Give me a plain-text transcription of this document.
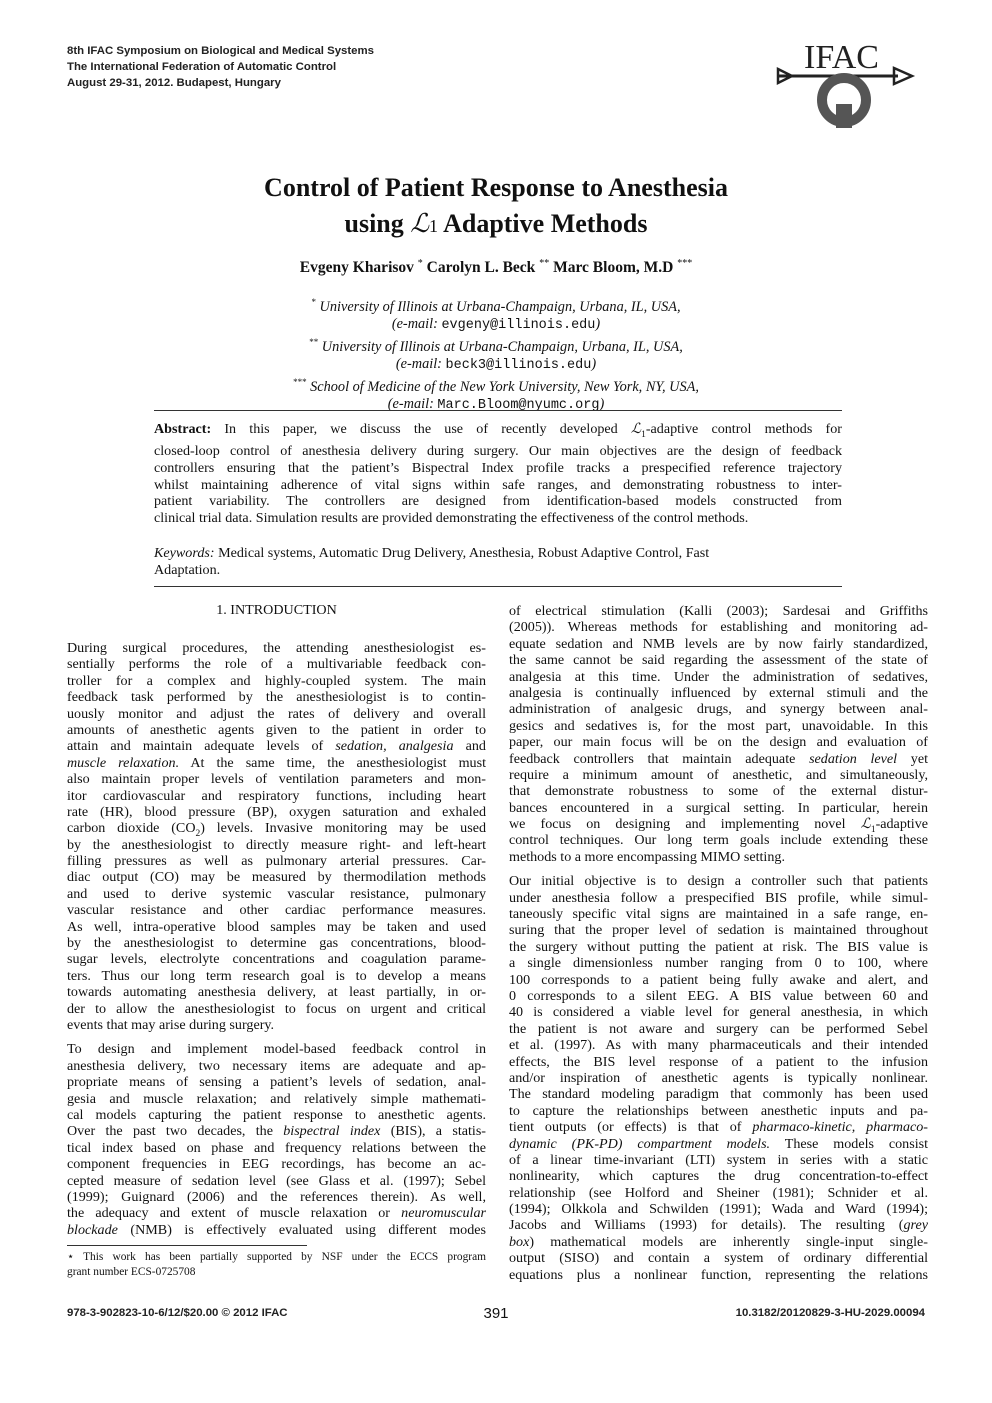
8th IFAC Symposium on Biological and Medical Systems
The International Federation of Automatic Control
August 29-31, 2012. Budapest, Hungary
IFAC
Control of Patient Response to Anesthesia
using ℒ1 Adaptive Methods
Evgeny Kharisov * Carolyn L. Beck ** Marc Bloom, M.D ***
* University of Illinois at Urbana-Champaign, Urbana, IL, USA,
(e-mail: evgeny@illinois.edu)
** University of Illinois at Urbana-Champaign, Urbana, IL, USA,
(e-mail: beck3@illinois.edu)
*** School of Medicine of the New York University, New York, NY, USA,
(e-mail: Marc.Bloom@nyumc.org)
Abstract: In this paper, we discuss the use of recently developed ℒ$_1$-adaptive control methods for
closed-loop control of anesthesia delivery during surgery. Our main objectives are the design of feedback
controllers ensuring that the patient’s Bispectral Index profile tracks a prespecified reference trajectory
whilst maintaining adherence of vital signs within safe ranges, and demonstrating robustness to inter-
patient variability. The controllers are designed from identification-based models constructed from
clinical trial data. Simulation results are provided demonstrating the effectiveness of the control methods.
Keywords: Medical systems, Automatic Drug Delivery, Anesthesia, Robust Adaptive Control, Fast
Adaptation.
1. INTRODUCTION
During surgical procedures, the attending anesthesiologist es-
sentially performs the role of a multivariable feedback con-
troller for a complex and highly-coupled system. The main
feedback task performed by the anesthesiologist is to contin-
uously monitor and adjust the rates of delivery and overall
amounts of anesthetic agents given to the patient in order to
attain and maintain adequate levels of sedation, analgesia and
muscle relaxation. At the same time, the anesthesiologist must
also maintain proper levels of ventilation parameters and mon-
itor cardiovascular and respiratory functions, including heart
rate (HR), blood pressure (BP), oxygen saturation and exhaled
carbon dioxide $(CO_2)$ levels. Invasive monitoring may be used
by the anesthesiologist to directly measure right- and left-heart
filling pressures as well as pulmonary arterial pressures. Car-
diac output (CO) may be measured by thermodilation methods
and used to derive systemic vascular resistance, pulmonary
vascular resistance and other cardiac performance measures.
As well, intra-operative blood samples may be taken and used
by the anesthesiologist to determine gas concentrations, blood-
sugar levels, electrolyte concentrations and coagulation parame-
ters. Thus our long term research goal is to develop a means
towards automating anesthesia delivery, at least partially, in or-
der to allow the anesthesiologist to focus on urgent and critical
events that may arise during surgery.
To design and implement model-based feedback control in
anesthesia delivery, two necessary items are adequate and ap-
propriate means of sensing a patient’s levels of sedation, anal-
gesia and muscle relaxation; and relatively simple mathemati-
cal models capturing the patient response to anesthetic agents.
Over the past two decades, the bispectral index (BIS), a statis-
tical index based on phase and frequency relations between the
component frequencies in EEG recordings, has become an ac-
cepted measure of sedation level (see Glass et al. (1997); Sebel
(1999); Guignard (2006) and the references therein). As well,
the adequacy and extent of muscle relaxation or neuromuscular
blockade (NMB) is effectively evaluated using different modes
of electrical stimulation (Kalli (2003); Sardesai and Griffiths
(2005)). Whereas methods for establishing and monitoring ad-
equate sedation and NMB levels are by now fairly standardized,
the same cannot be said regarding the assessment of the state of
analgesia at this time. Under the administration of sedatives,
analgesia is continually influenced by external stimuli and the
administration of analgesic drugs, and synergy between anal-
gesics and sedatives is, for the most part, unavoidable. In this
paper, our main focus will be on the design and evaluation of
feedback controllers that maintain adequate sedation level yet
require a minimum amount of anesthetic, and simultaneously,
that demonstrate robustness to some of the external distur-
bances encountered in a surgical setting. In particular, herein
we focus on designing and implementing novel ℒ$_1$-adaptive
control techniques. Our long term goals include extending these
methods to a more encompassing MIMO setting.
Our initial objective is to design a controller such that patients
under anesthesia follow a prespecified BIS profile, while simul-
taneously specific vital signs are maintained in a safe range, en-
suring that the proper level of sedation is maintained throughout
the surgery without putting the patient at risk. The BIS value is
a single dimensionless number ranging from 0 to 100, where
100 corresponds to a patient being fully awake and alert, and
0 corresponds to a silent EEG. A BIS value between 60 and
40 is considered a viable level for general anesthesia, in which
the patient is not aware and surgery can be performed Sebel
et al. (1997). As with many pharmaceuticals and their intended
effects, the BIS level response of a patient to the infusion
and/or inspiration of anesthetic agents is typically nonlinear.
The standard modeling paradigm that commonly has been used
to capture the relationships between anesthetic inputs and pa-
tient outputs (or effects) is that of pharmaco-kinetic, pharmaco-
dynamic (PK-PD) compartment models. These models consist
of a linear time-invariant (LTI) system in series with a static
nonlinearity, which captures the drug concentration-to-effect
relationship (see Holford and Sheiner (1981); Schnider et al.
(1994); Olkkola and Schwilden (1991); Wada and Ward (1994);
Jacobs and Williams (1993) for details). The resulting (grey
box) mathematical models are inherently single-input single-
output (SISO) and contain a system of ordinary differential
equations plus a nonlinear function, representing the relations
⋆ This work has been partially supported by NSF under the ECCS program
grant number ECS-0725708
978-3-902823-10-6/12/$20.00 © 2012 IFAC	391	10.3182/20120829-3-HU-2029.00094
